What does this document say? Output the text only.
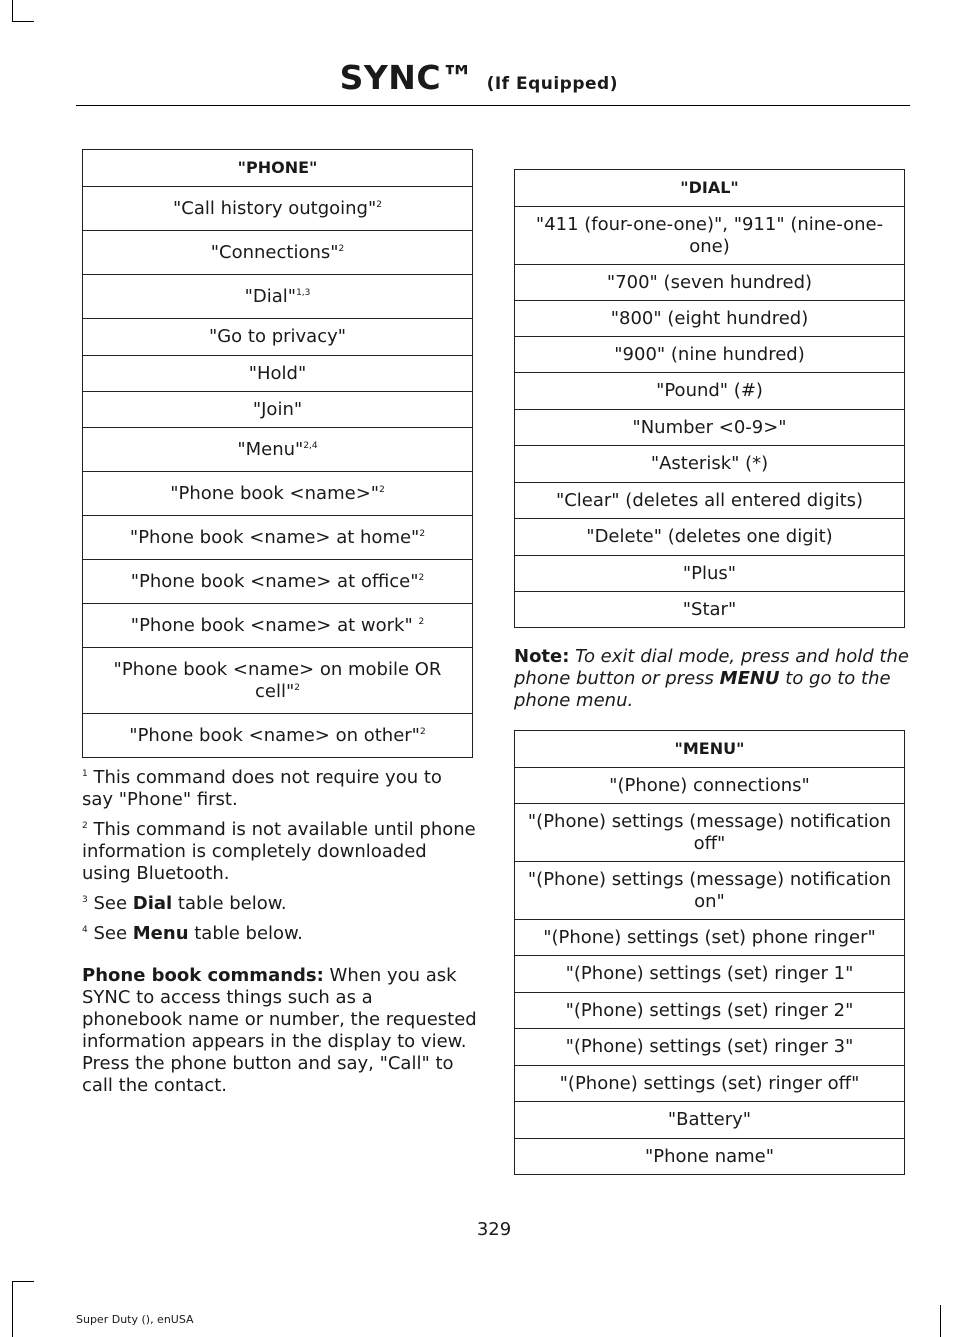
SYNC™ (If Equipped)
"PHONE"
"Call history outgoing"$^2$
"Connections"$^2$
"Dial"$^{1,3}$
"Go to privacy"
"Hold"
"Join"
"Menu"$^{2,4}$
"Phone book <name>"$^2$
"Phone book <name> at home"$^2$
"Phone book <name> at office"$^2$
"Phone book <name> at work" $^2$
"Phone book <name> on mobile OR cell"$^2$
"Phone book <name> on other"$^2$

$^1$ This command does not require you to say "Phone" first.

$^2$ This command is not available until phone information is completely downloaded using Bluetooth.

$^3$ See Dial table below.

$^4$ See Menu table below.

Phone book commands: When you ask SYNC to access things such as a phonebook name or number, the requested information appears in the display to view. Press the phone button and say, "Call" to call the contact.

"DIAL"
"411 (four-one-one)", "911" (nine-one-one)
"700" (seven hundred)
"800" (eight hundred)
"900" (nine hundred)
"Pound" (#)
"Number <0-9>"
"Asterisk" (*)
"Clear" (deletes all entered digits)
"Delete" (deletes one digit)
"Plus"
"Star"

Note: To exit dial mode, press and hold the phone button or press MENU to go to the phone menu.

"MENU"
"(Phone) connections"
"(Phone) settings (message) notification off"
"(Phone) settings (message) notification on"
"(Phone) settings (set) phone ringer"
"(Phone) settings (set) ringer 1"
"(Phone) settings (set) ringer 2"
"(Phone) settings (set) ringer 3"
"(Phone) settings (set) ringer off"
"Battery"
"Phone name"
329
Super Duty (), enUSA
